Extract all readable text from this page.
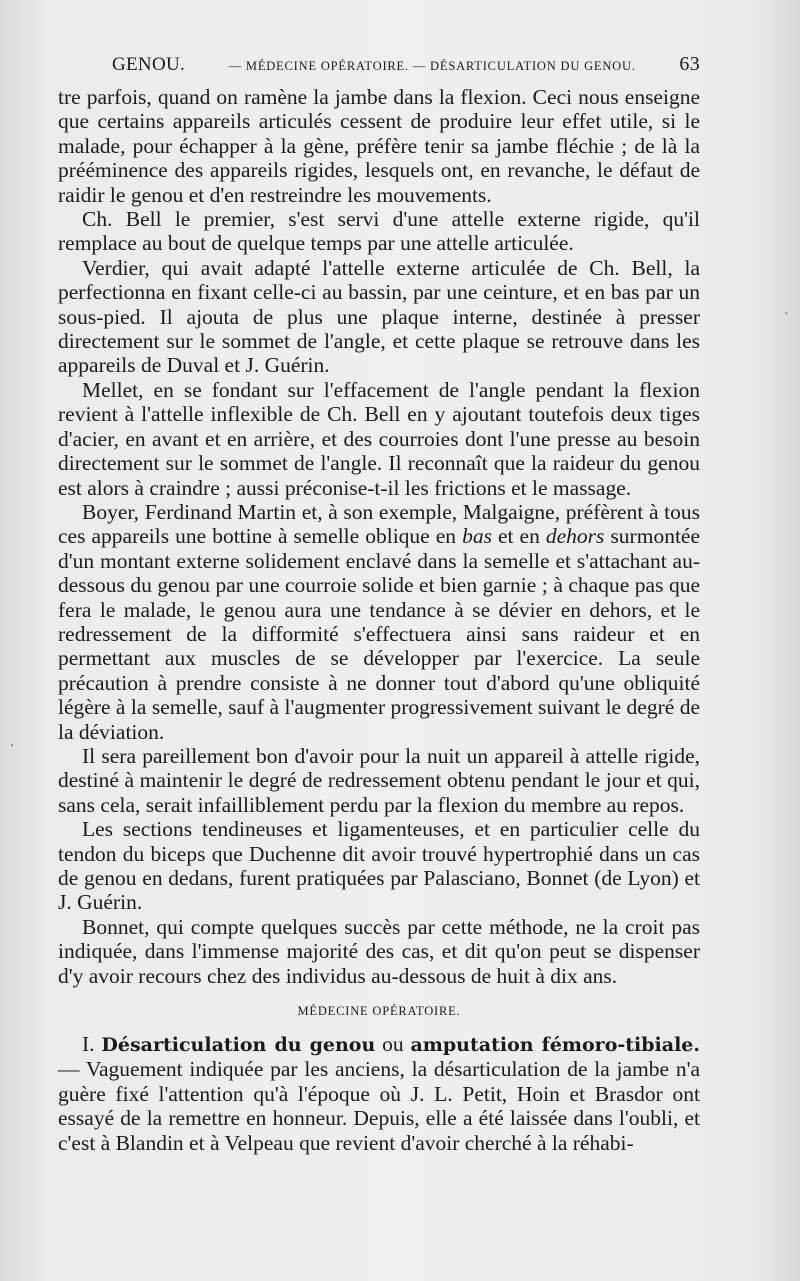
GENOU.	— MÉDECINE OPÉRATOIRE. — DÉSARTICULATION DU GENOU. 63

tre parfois, quand on ramène la jambe dans la flexion. Ceci nous enseigne que certains appareils articulés cessent de produire leur effet utile, si le malade, pour échapper à la gène, préfère tenir sa jambe fléchie ; de là la prééminence des appareils rigides, lesquels ont, en revanche, le défaut de raidir le genou et d'en restreindre les mouvements.

Ch. Bell le premier, s'est servi d'une attelle externe rigide, qu'il remplace au bout de quelque temps par une attelle articulée.

Verdier, qui avait adapté l'attelle externe articulée de Ch. Bell, la perfectionna en fixant celle-ci au bassin, par une ceinture, et en bas par un sous-pied. Il ajouta de plus une plaque interne, destinée à presser directement sur le sommet de l'angle, et cette plaque se retrouve dans les appareils de Duval et J. Guérin.

Mellet, en se fondant sur l'effacement de l'angle pendant la flexion revient à l'attelle inflexible de Ch. Bell en y ajoutant toutefois deux tiges d'acier, en avant et en arrière, et des courroies dont l'une presse au besoin directement sur le sommet de l'angle. Il reconnaît que la raideur du genou est alors à craindre ; aussi préconise-t-il les frictions et le massage.

Boyer, Ferdinand Martin et, à son exemple, Malgaigne, préfèrent à tous ces appareils une bottine à semelle oblique en bas et en dehors surmontée d'un montant externe solidement enclavé dans la semelle et s'attachant au-dessous du genou par une courroie solide et bien garnie ; à chaque pas que fera le malade, le genou aura une tendance à se dévier en dehors, et le redressement de la difformité s'effectuera ainsi sans raideur et en permettant aux muscles de se développer par l'exercice. La seule précaution à prendre consiste à ne donner tout d'abord qu'une obliquité légère à la semelle, sauf à l'augmenter progressivement suivant le degré de la déviation.

Il sera pareillement bon d'avoir pour la nuit un appareil à attelle rigide, destiné à maintenir le degré de redressement obtenu pendant le jour et qui, sans cela, serait infailliblement perdu par la flexion du membre au repos.

Les sections tendineuses et ligamenteuses, et en particulier celle du tendon du biceps que Duchenne dit avoir trouvé hypertrophié dans un cas de genou en dedans, furent pratiquées par Palasciano, Bonnet (de Lyon) et J. Guérin.

Bonnet, qui compte quelques succès par cette méthode, ne la croit pas indiquée, dans l'immense majorité des cas, et dit qu'on peut se dispenser d'y avoir recours chez des individus au-dessous de huit à dix ans.

MÉDECINE OPÉRATOIRE.

I. Désarticulation du genou ou amputation fémoro-tibiale. — Vaguement indiquée par les anciens, la désarticulation de la jambe n'a guère fixé l'attention qu'à l'époque où J. L. Petit, Hoin et Brasdor ont essayé de la remettre en honneur. Depuis, elle a été laissée dans l'oubli, et c'est à Blandin et à Velpeau que revient d'avoir cherché à la réhabi-

˴
·
